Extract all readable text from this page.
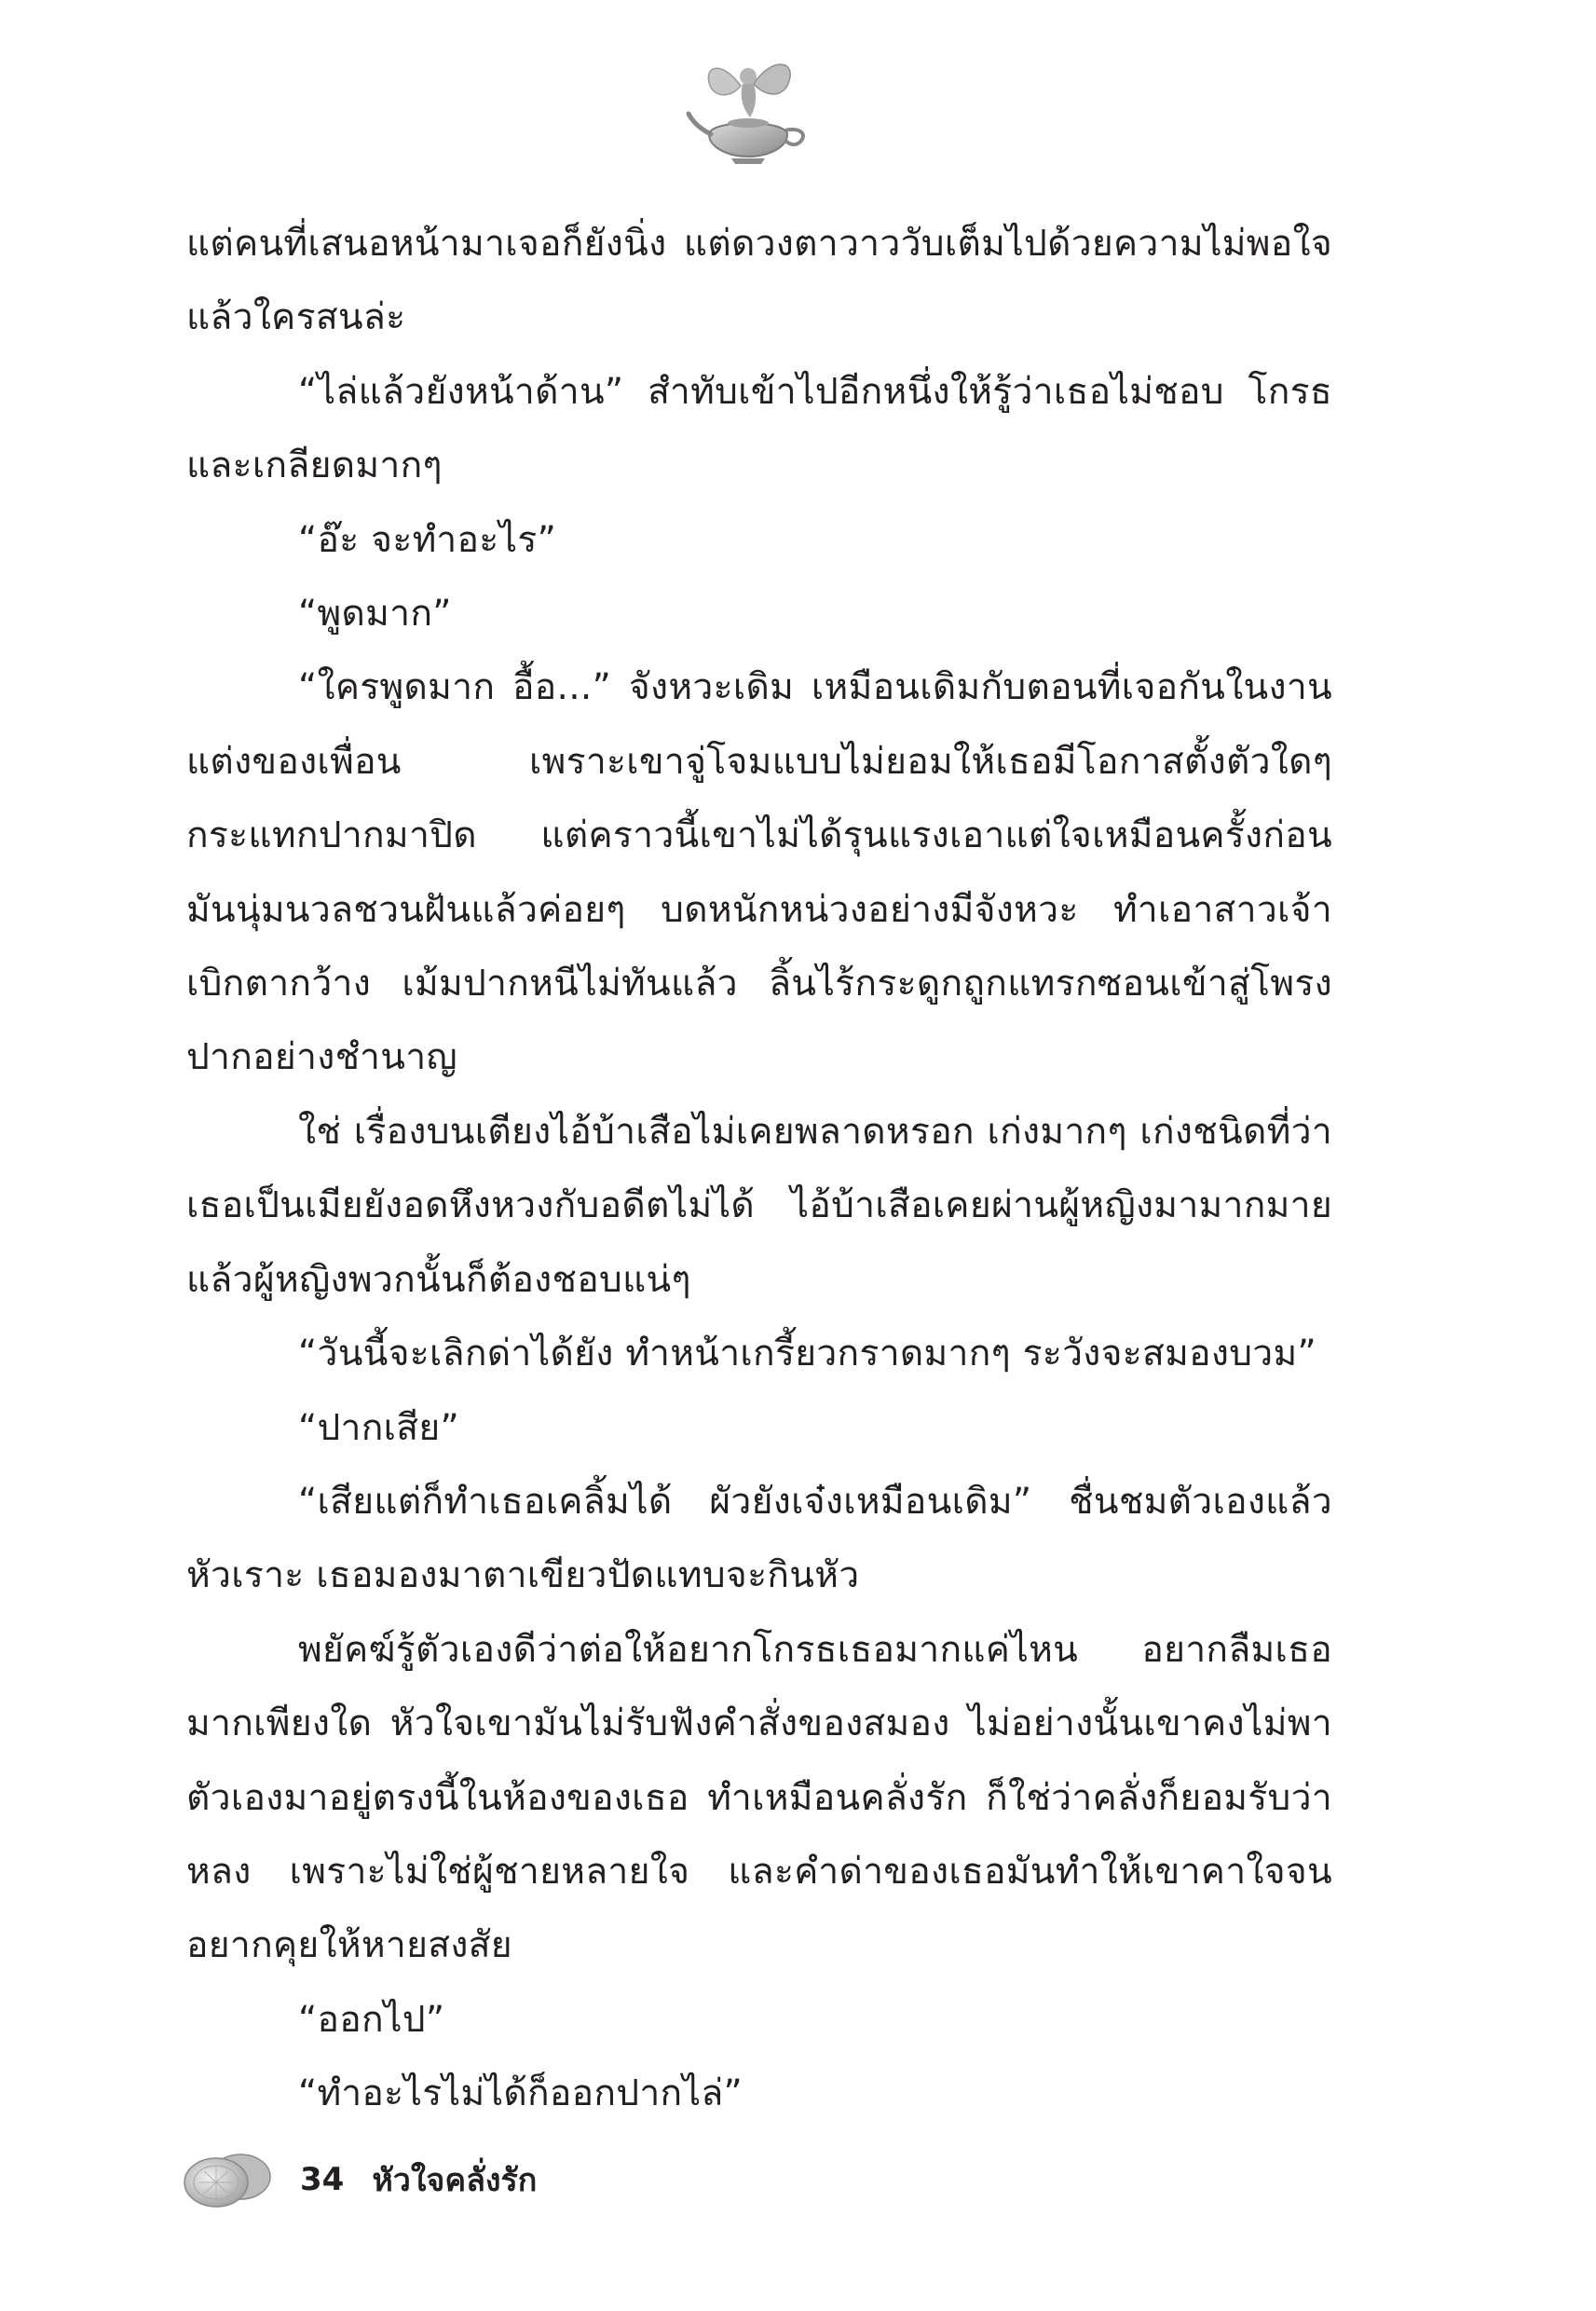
แต่คนที่เสนอหน้ามาเจอก็ยังนิ่ง แต่ดวงตาวาววับเต็มไปด้วยความไม่พอใจ แล้วใครสนล่ะ

“ไล่แล้วยังหน้าด้าน” สำทับเข้าไปอีกหนึ่งให้รู้ว่าเธอไม่ชอบ โกรธและเกลียดมากๆ

“อ๊ะ จะทำอะไร”

“พูดมาก”

“ใครพูดมาก อื้อ...” จังหวะเดิม เหมือนเดิมกับตอนที่เจอกันในงานแต่งของเพื่อน เพราะเขาจู่โจมแบบไม่ยอมให้เธอมีโอกาสตั้งตัวใดๆ กระแทกปากมาปิด แต่คราวนี้เขาไม่ได้รุนแรงเอาแต่ใจเหมือนครั้งก่อน มันนุ่มนวลชวนฝันแล้วค่อยๆ บดหนักหน่วงอย่างมีจังหวะ ทำเอาสาวเจ้าเบิกตากว้าง เม้มปากหนีไม่ทันแล้ว ลิ้นไร้กระดูกถูกแทรกซอนเข้าสู่โพรงปากอย่างชำนาญ

ใช่ เรื่องบนเตียงไอ้บ้าเสือไม่เคยพลาดหรอก เก่งมากๆ เก่งชนิดที่ว่าเธอเป็นเมียยังอดหึงหวงกับอดีตไม่ได้ ไอ้บ้าเสือเคยผ่านผู้หญิงมามากมาย แล้วผู้หญิงพวกนั้นก็ต้องชอบแน่ๆ

“วันนี้จะเลิกด่าได้ยัง ทำหน้าเกรี้ยวกราดมากๆ ระวังจะสมองบวม”

“ปากเสีย”

“เสียแต่ก็ทำเธอเคลิ้มได้ ผัวยังเจ๋งเหมือนเดิม” ชื่นชมตัวเองแล้วหัวเราะ เธอมองมาตาเขียวปัดแทบจะกินหัว

พยัคฆ์รู้ตัวเองดีว่าต่อให้อยากโกรธเธอมากแค่ไหน อยากลืมเธอมากเพียงใด หัวใจเขามันไม่รับฟังคำสั่งของสมอง ไม่อย่างนั้นเขาคงไม่พาตัวเองมาอยู่ตรงนี้ในห้องของเธอ ทำเหมือนคลั่งรัก ก็ใช่ว่าคลั่งก็ยอมรับว่าหลง เพราะไม่ใช่ผู้ชายหลายใจ และคำด่าของเธอมันทำให้เขาคาใจจนอยากคุยให้หายสงสัย

“ออกไป”

“ทำอะไรไม่ได้ก็ออกปากไล่”

34 หัวใจคลั่งรัก
